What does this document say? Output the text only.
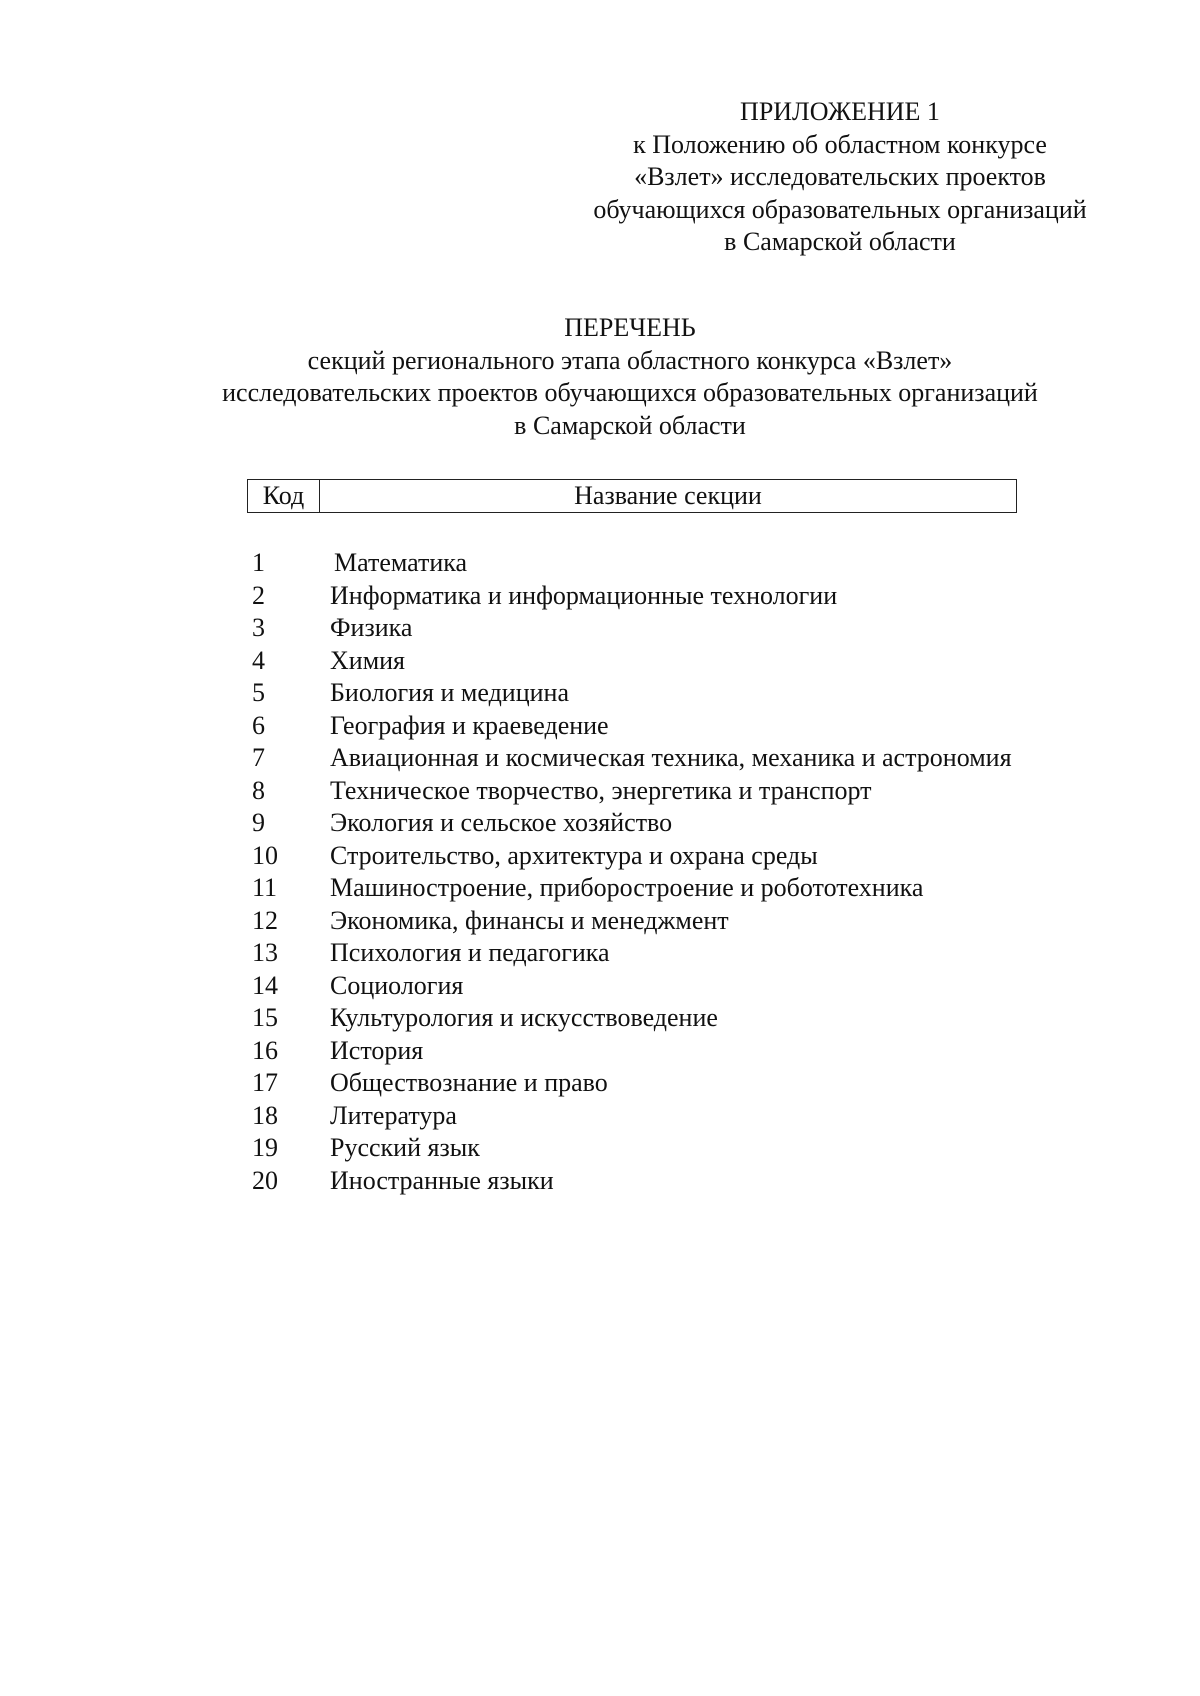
ПРИЛОЖЕНИЕ 1
к Положению об областном конкурсе
«Взлет» исследовательских проектов
обучающихся образовательных организаций
в Самарской области
ПЕРЕЧЕНЬ
секций регионального этапа областного конкурса «Взлет»
исследовательских проектов обучающихся образовательных организаций
в Самарской области
Код	Название секции
1	Математика
2	Информатика и информационные технологии
3	Физика
4	Химия
5	Биология и медицина
6	География и краеведение
7	Авиационная и космическая техника, механика и астрономия
8	Техническое творчество, энергетика и транспорт
9	Экология и сельское хозяйство
10	Строительство, архитектура и охрана среды
11	Машиностроение, приборостроение и робототехника
12	Экономика, финансы и менеджмент
13	Психология и педагогика
14	Социология
15	Культурология и искусствоведение
16	История
17	Обществознание и право
18	Литература
19	Русский язык
20	Иностранные языки
